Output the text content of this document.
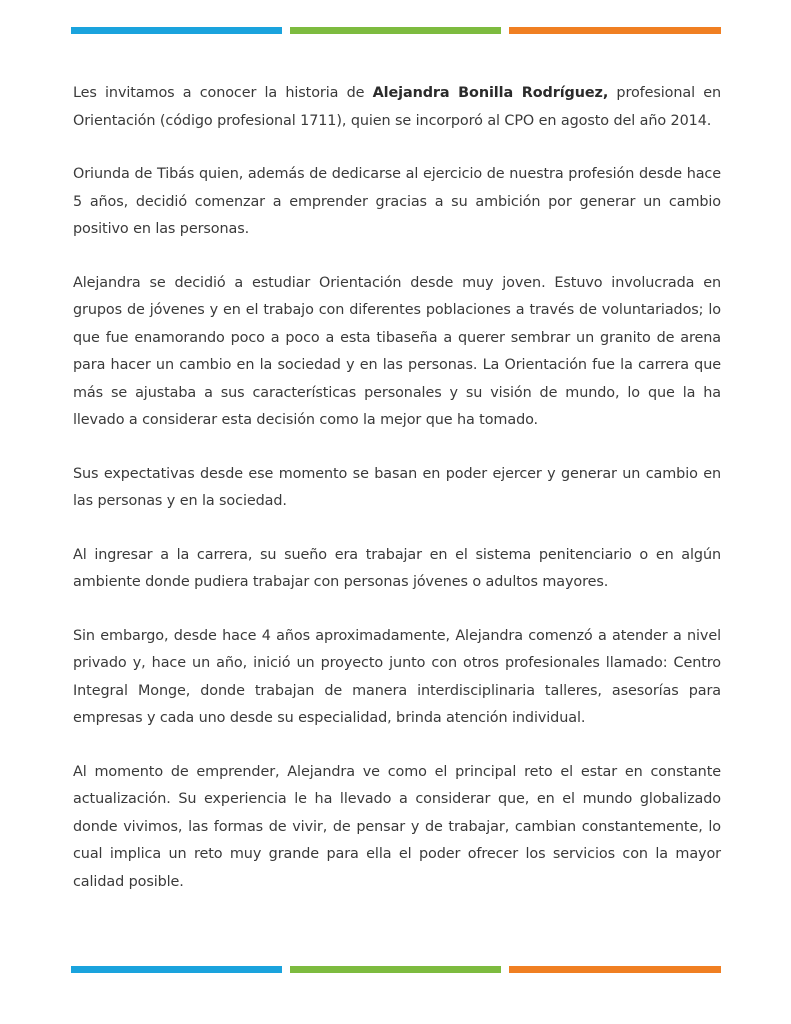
Les invitamos a conocer la historia de Alejandra Bonilla Rodríguez, profesional en Orientación (código profesional 1711), quien se incorporó al CPO en agosto del año 2014.

Oriunda de Tibás quien, además de dedicarse al ejercicio de nuestra profesión desde hace 5 años, decidió comenzar a emprender gracias a su ambición por generar un cambio positivo en las personas.

Alejandra se decidió a estudiar Orientación desde muy joven. Estuvo involucrada en grupos de jóvenes y en el trabajo con diferentes poblaciones a través de voluntariados; lo que fue enamorando poco a poco a esta tibaseña a querer sembrar un granito de arena para hacer un cambio en la sociedad y en las personas. La Orientación fue la carrera que más se ajustaba a sus características personales y su visión de mundo, lo que la ha llevado a considerar esta decisión como la mejor que ha tomado.

Sus expectativas desde ese momento se basan en poder ejercer y generar un cambio en las personas y en la sociedad.

Al ingresar a la carrera, su sueño era trabajar en el sistema penitenciario o en algún ambiente donde pudiera trabajar con personas jóvenes o adultos mayores.

Sin embargo, desde hace 4 años aproximadamente, Alejandra comenzó a atender a nivel privado y, hace un año, inició un proyecto junto con otros profesionales llamado: Centro Integral Monge, donde trabajan de manera interdisciplinaria talleres, asesorías para empresas y cada uno desde su especialidad, brinda atención individual.

Al momento de emprender, Alejandra ve como el principal reto el estar en constante actualización. Su experiencia le ha llevado a considerar que, en el mundo globalizado donde vivimos, las formas de vivir, de pensar y de trabajar, cambian constantemente, lo cual implica un reto muy grande para ella el poder ofrecer los servicios con la mayor calidad posible.
